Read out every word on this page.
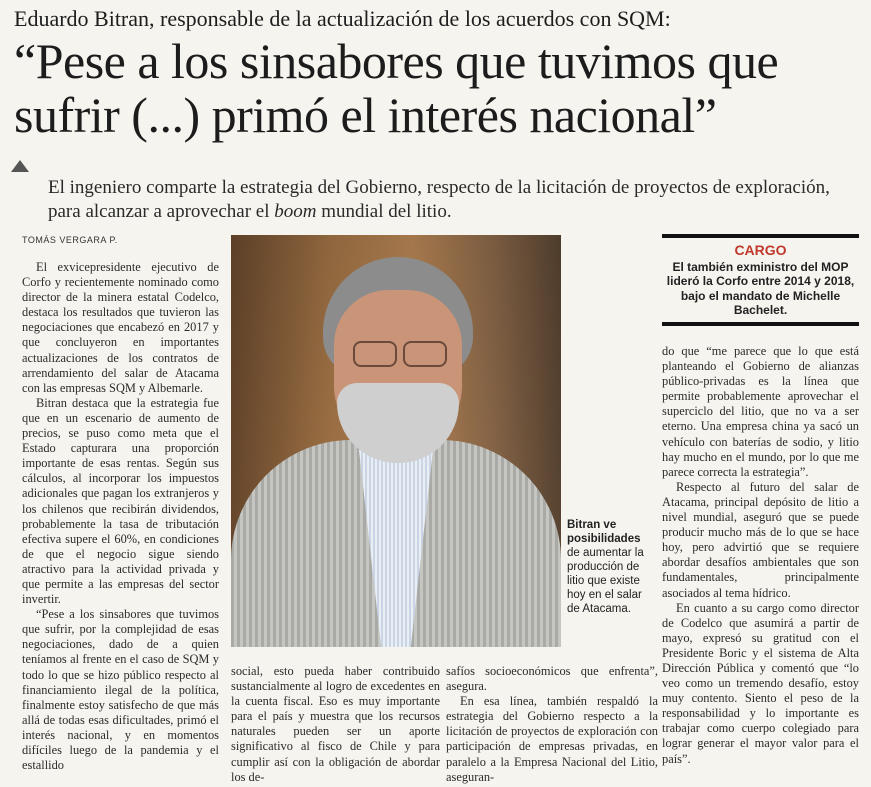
Eduardo Bitran, responsable de la actualización de los acuerdos con SQM:
“Pese a los sinsabores que tuvimos que sufrir (...) primó el interés nacional”
El ingeniero comparte la estrategia del Gobierno, respecto de la licitación de proyectos de exploración, para alcanzar a aprovechar el boom mundial del litio.
TOMÁS VERGARA P.

El exvicepresidente ejecutivo de Corfo y recientemente nominado como director de la minera estatal Codelco, destaca los resultados que tuvieron las negociaciones que encabezó en 2017 y que concluyeron en importantes actualizaciones de los contratos de arrendamiento del salar de Atacama con las empresas SQM y Albemarle.

Bitran destaca que la estrategia fue que en un escenario de aumento de precios, se puso como meta que el Estado capturara una proporción importante de esas rentas. Según sus cálculos, al incorporar los impuestos adicionales que pagan los extranjeros y los chilenos que recibirán dividendos, probablemente la tasa de tributación efectiva supere el 60%, en condiciones de que el negocio sigue siendo atractivo para la actividad privada y que permite a las empresas del sector invertir.

“Pese a los sinsabores que tuvimos que sufrir, por la complejidad de esas negociaciones, dado de a quien teníamos al frente en el caso de SQM y todo lo que se hizo público respecto al financiamiento ilegal de la política, finalmente estoy satisfecho de que más allá de todas esas dificultades, primó el interés nacional, y en momentos difíciles luego de la pandemia y el estallido

Bitran ve posibilidades de aumentar la producción de litio que existe hoy en el salar de Atacama.
CARGO
El también exministro del MOP lideró la Corfo entre 2014 y 2018, bajo el mandato de Michelle Bachelet.

do que “me parece que lo que está planteando el Gobierno de alianzas público-privadas es la línea que permite probablemente aprovechar el superciclo del litio, que no va a ser eterno. Una empresa china ya sacó un vehículo con baterías de sodio, y litio hay mucho en el mundo, por lo que me parece correcta la estrategia”.

Respecto al futuro del salar de Atacama, principal depósito de litio a nivel mundial, aseguró que se puede producir mucho más de lo que se hace hoy, pero advirtió que se requiere abordar desafíos ambientales que son fundamentales, principalmente asociados al tema hídrico.

En cuanto a su cargo como director de Codelco que asumirá a partir de mayo, expresó su gratitud con el Presidente Boric y el sistema de Alta Dirección Pública y comentó que “lo veo como un tremendo desafío, estoy muy contento. Siento el peso de la responsabilidad y lo importante es trabajar como cuerpo colegiado para lograr generar el mayor valor para el país”.

social, esto pueda haber contribuido sustancialmente al logro de excedentes en la cuenta fiscal. Eso es muy importante para el país y muestra que los recursos naturales pueden ser un aporte significativo al fisco de Chile y para cumplir así con la obligación de abordar los de-

safíos socioeconómicos que enfrenta”, asegura.

En esa línea, también respaldó la estrategia del Gobierno respecto a la licitación de proyectos de exploración con participación de empresas privadas, en paralelo a la Empresa Nacional del Litio, aseguran-
